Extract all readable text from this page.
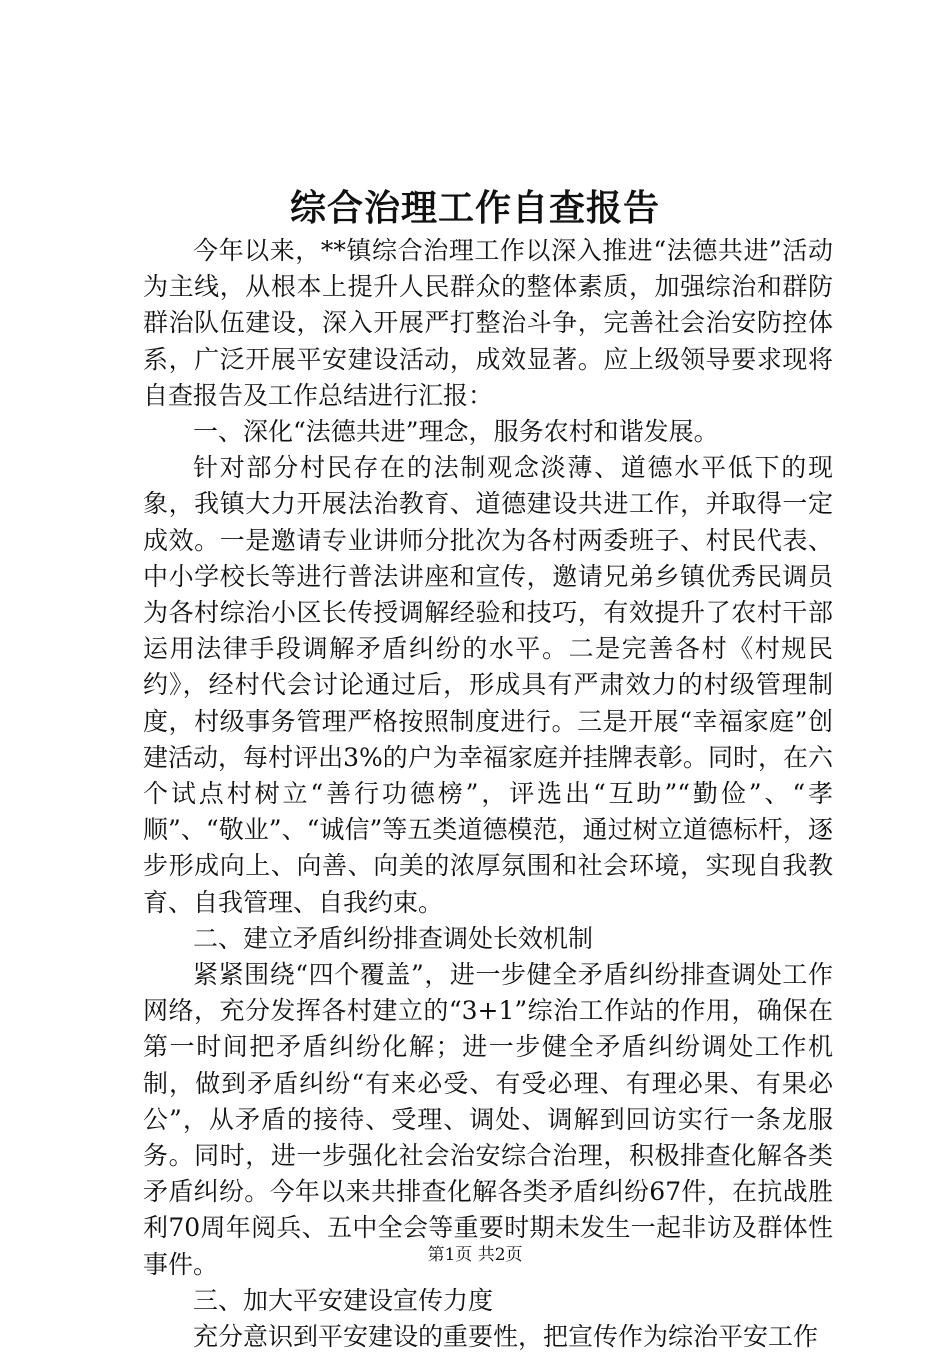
综合治理工作自查报告

今年以来，**镇综合治理工作以深入推进“法德共进”活动为主线，从根本上提升人民群众的整体素质，加强综治和群防群治队伍建设，深入开展严打整治斗争，完善社会治安防控体系，广泛开展平安建设活动，成效显著。应上级领导要求现将自查报告及工作总结进行汇报：

一、深化“法德共进”理念，服务农村和谐发展。

针对部分村民存在的法制观念淡薄、道德水平低下的现象，我镇大力开展法治教育、道德建设共进工作，并取得一定成效。一是邀请专业讲师分批次为各村两委班子、村民代表、中小学校长等进行普法讲座和宣传，邀请兄弟乡镇优秀民调员为各村综治小区长传授调解经验和技巧，有效提升了农村干部运用法律手段调解矛盾纠纷的水平。二是完善各村《村规民约》，经村代会讨论通过后，形成具有严肃效力的村级管理制度，村级事务管理严格按照制度进行。三是开展“幸福家庭”创建活动，每村评出3%的户为幸福家庭并挂牌表彰。同时，在六个试点村树立“善行功德榜”，评选出“互助”“勤俭”、“孝顺”、“敬业”、“诚信”等五类道德模范，通过树立道德标杆，逐步形成向上、向善、向美的浓厚氛围和社会环境，实现自我教育、自我管理、自我约束。

二、建立矛盾纠纷排查调处长效机制

紧紧围绕“四个覆盖”，进一步健全矛盾纠纷排查调处工作网络，充分发挥各村建立的“3+1”综治工作站的作用，确保在第一时间把矛盾纠纷化解；进一步健全矛盾纠纷调处工作机制，做到矛盾纠纷“有来必受、有受必理、有理必果、有果必公”，从矛盾的接待、受理、调处、调解到回访实行一条龙服务。同时，进一步强化社会治安综合治理，积极排查化解各类矛盾纠纷。今年以来共排查化解各类矛盾纠纷67件，在抗战胜利70周年阅兵、五中全会等重要时期未发生一起非访及群体性事件。

三、加大平安建设宣传力度

充分意识到平安建设的重要性，把宣传作为综治平安工作

第1页 共2页
